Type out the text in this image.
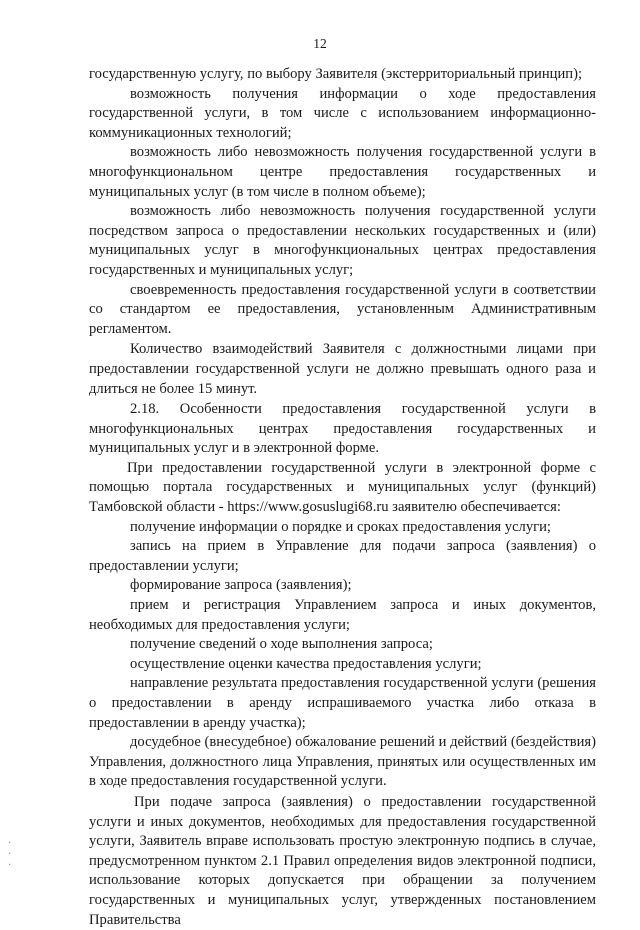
12

государственную услугу, по выбору Заявителя (экстерриториальный принцип);

возможность получения информации о ходе предоставления государственной услуги, в том числе с использованием информационно-коммуникационных технологий;

возможность либо невозможность получения государственной услуги в многофункциональном центре предоставления государственных и муниципальных услуг (в том числе в полном объеме);

возможность либо невозможность получения государственной услуги посредством запроса о предоставлении нескольких государственных и (или) муниципальных услуг в многофункциональных центрах предоставления государственных и муниципальных услуг;

своевременность предоставления государственной услуги в соответствии со стандартом ее предоставления, установленным Административным регламентом.

Количество взаимодействий Заявителя с должностными лицами при предоставлении государственной услуги не должно превышать одного раза и длиться не более 15 минут.

2.18. Особенности предоставления государственной услуги в многофункциональных центрах предоставления государственных и муниципальных услуг и в электронной форме.

При предоставлении государственной услуги в электронной форме с помощью портала государственных и муниципальных услуг (функций) Тамбовской области - https://www.gosuslugi68.ru заявителю обеспечивается:

получение информации о порядке и сроках предоставления услуги;

запись на прием в Управление для подачи запроса (заявления) о предоставлении услуги;

формирование запроса (заявления);

прием и регистрация Управлением запроса и иных документов, необходимых для предоставления услуги;

получение сведений о ходе выполнения запроса;

осуществление оценки качества предоставления услуги;

направление результата предоставления государственной услуги (решения о предоставлении в аренду испрашиваемого участка либо отказа в предоставлении в аренду участка);

досудебное (внесудебное) обжалование решений и действий (бездействия) Управления, должностного лица Управления, принятых или осуществленных им в ходе предоставления государственной услуги.

При подаче запроса (заявления) о предоставлении государственной услуги и иных документов, необходимых для предоставления государственной услуги, Заявитель вправе использовать простую электронную подпись в случае, предусмотренном пунктом 2.1 Правил определения видов электронной подписи, использование которых допускается при обращении за получением государственных и муниципальных услуг, утвержденных постановлением Правительства

·
·
·
